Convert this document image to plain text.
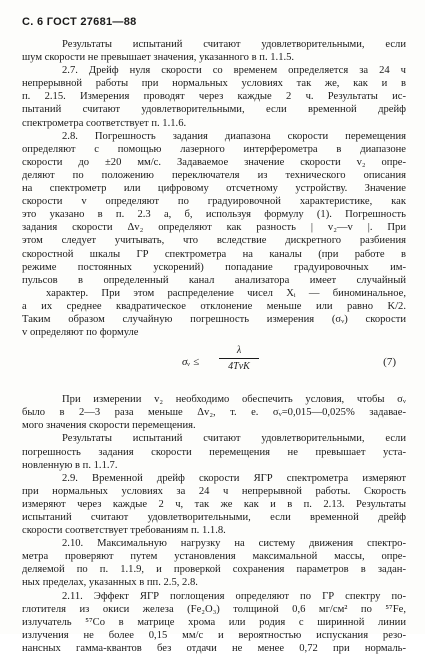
С. 6 ГОСТ 27681—88
Результаты испытаний считают удовлетворительными, если
шум скорости не превышает значения, указанного в п. 1.1.5.
2.7. Дрейф нуля скорости со временем определяется за 24 ч
непрерывной работы при нормальных условиях так же, как и в
п. 2.15. Измерения проводят через каждые 2 ч. Результаты ис-
пытаний считают удовлетворительными, если временной дрейф
спектрометра соответствует п. 1.1.6.
2.8. Погрешность задания диапазона скорости перемещения
определяют с помощью лазерного интерферометра в диапазоне
скорости до ±20 мм/с. Задаваемое значение скорости v₂ опре-
деляют по положению переключателя из технического описания
на спектрометр или цифровому отсчетному устройству. Значение
скорости v определяют по градуировочной характеристике, как
это указано в п. 2.3 а, б, используя формулу (1). Погрешность
задания скорости Δv₂ определяют как разность | v₂—v |. При
этом следует учитывать, что вследствие дискретного разбиения
скоростной шкалы ГР спектрометра на каналы (при работе в
режиме постоянных ускорений) попадание градуировочных им-
пульсов в определенный канал анализатора имеет случайный
характер. При этом распределение чисел Xᵢ — биноминальное,
а их среднее квадратическое отклонение меньше или равно K/2.
Таким образом случайную погрешность измерения (σᵥ) скорости
v определяют по формуле
σᵥ ≤
λ
4TνK	(7)
При измерении v₂ необходимо обеспечить условия, чтобы σᵥ
было в 2—3 раза меньше Δv₂, т. е. σᵥ=0,015—0,025% задавае-
мого значения скорости перемещения.
Результаты испытаний считают удовлетворительными, если
погрешность задания скорости перемещения не превышает уста-
новленную в п. 1.1.7.
2.9. Временной дрейф скорости ЯГР спектрометра измеряют
при нормальных условиях за 24 ч непрерывной работы. Скорость
измеряют через каждые 2 ч, так же как и в п. 2.13. Результаты
испытаний считают удовлетворительными, если временной дрейф
скорости соответствует требованиям п. 1.1.8.
2.10. Максимальную нагрузку на систему движения спектро-
метра проверяют путем установления максимальной массы, опре-
деляемой по п. 1.1.9, и проверкой сохранения параметров в задан-
ных пределах, указанных в пп. 2.5, 2.8.
2.11. Эффект ЯГР поглощения определяют по ГР спектру по-
глотителя из окиси железа (Fe₂O₃) толщиной 0,6 мг/см² по ⁵⁷Fe,
излучатель ⁵⁷Co в матрице хрома или родия с ширинной линии
излучения не более 0,15 мм/с и вероятностью испускания резо-
нансных гамма-квантов без отдачи не менее 0,72 при нормаль-
